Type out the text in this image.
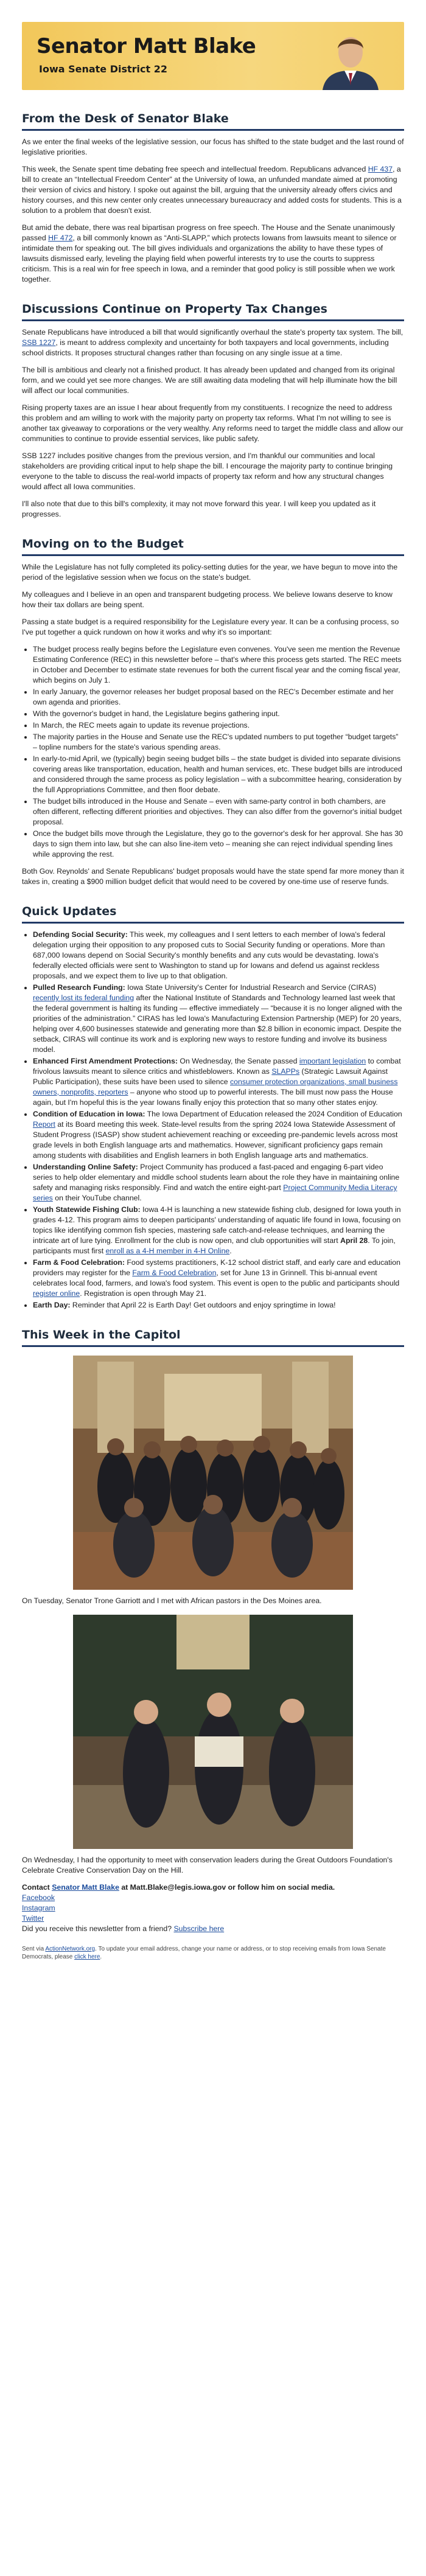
Senator Matt Blake
Iowa Senate District 22
From the Desk of Senator Blake

As we enter the final weeks of the legislative session, our focus has shifted to the state budget and the last round of legislative priorities.

This week, the Senate spent time debating free speech and intellectual freedom. Republicans advanced HF 437, a bill to create an “Intellectual Freedom Center” at the University of Iowa, an unfunded mandate aimed at promoting their version of civics and history. I spoke out against the bill, arguing that the university already offers civics and history courses, and this new center only creates unnecessary bureaucracy and added costs for students. This is a solution to a problem that doesn't exist.

But amid the debate, there was real bipartisan progress on free speech. The House and the Senate unanimously passed HF 472, a bill commonly known as “Anti-SLAPP,” which protects Iowans from lawsuits meant to silence or intimidate them for speaking out. The bill gives individuals and organizations the ability to have these types of lawsuits dismissed early, leveling the playing field when powerful interests try to use the courts to suppress criticism. This is a real win for free speech in Iowa, and a reminder that good policy is still possible when we work together.

Discussions Continue on Property Tax Changes

Senate Republicans have introduced a bill that would significantly overhaul the state's property tax system. The bill, SSB 1227, is meant to address complexity and uncertainty for both taxpayers and local governments, including school districts. It proposes structural changes rather than focusing on any single issue at a time.

The bill is ambitious and clearly not a finished product. It has already been updated and changed from its original form, and we could yet see more changes. We are still awaiting data modeling that will help illuminate how the bill will affect our local communities.

Rising property taxes are an issue I hear about frequently from my constituents. I recognize the need to address this problem and am willing to work with the majority party on property tax reforms. What I'm not willing to see is another tax giveaway to corporations or the very wealthy. Any reforms need to target the middle class and allow our communities to continue to provide essential services, like public safety.

SSB 1227 includes positive changes from the previous version, and I'm thankful our communities and local stakeholders are providing critical input to help shape the bill. I encourage the majority party to continue bringing everyone to the table to discuss the real-world impacts of property tax reform and how any structural changes would affect all Iowa communities.

I'll also note that due to this bill's complexity, it may not move forward this year. I will keep you updated as it progresses.

Moving on to the Budget

While the Legislature has not fully completed its policy-setting duties for the year, we have begun to move into the period of the legislative session when we focus on the state's budget.

My colleagues and I believe in an open and transparent budgeting process. We believe Iowans deserve to know how their tax dollars are being spent.

Passing a state budget is a required responsibility for the Legislature every year. It can be a confusing process, so I've put together a quick rundown on how it works and why it's so important:

• The budget process really begins before the Legislature even convenes. You've seen me mention the Revenue Estimating Conference (REC) in this newsletter before – that's where this process gets started. The REC meets in October and December to estimate state revenues for both the current fiscal year and the coming fiscal year, which begins on July 1.
• In early January, the governor releases her budget proposal based on the REC's December estimate and her own agenda and priorities.
• With the governor's budget in hand, the Legislature begins gathering input.
• In March, the REC meets again to update its revenue projections.
• The majority parties in the House and Senate use the REC's updated numbers to put together “budget targets” – topline numbers for the state's various spending areas.
• In early-to-mid April, we (typically) begin seeing budget bills – the state budget is divided into separate divisions covering areas like transportation, education, health and human services, etc. These budget bills are introduced and considered through the same process as policy legislation – with a subcommittee hearing, consideration by the full Appropriations Committee, and then floor debate.
• The budget bills introduced in the House and Senate – even with same-party control in both chambers, are often different, reflecting different priorities and objectives. They can also differ from the governor's initial budget proposal.
• Once the budget bills move through the Legislature, they go to the governor's desk for her approval. She has 30 days to sign them into law, but she can also line-item veto – meaning she can reject individual spending lines while approving the rest.

Both Gov. Reynolds' and Senate Republicans' budget proposals would have the state spend far more money than it takes in, creating a $900 million budget deficit that would need to be covered by one-time use of reserve funds.

Quick Updates
• Defending Social Security: This week, my colleagues and I sent letters to each member of Iowa's federal delegation urging their opposition to any proposed cuts to Social Security funding or operations. More than 687,000 Iowans depend on Social Security's monthly benefits and any cuts would be devastating. Iowa's federally elected officials were sent to Washington to stand up for Iowans and defend us against reckless proposals, and we expect them to live up to that obligation.
• Pulled Research Funding: Iowa State University's Center for Industrial Research and Service (CIRAS) recently lost its federal funding after the National Institute of Standards and Technology learned last week that the federal government is halting its funding — effective immediately — “because it is no longer aligned with the priorities of the administration.” CIRAS has led Iowa's Manufacturing Extension Partnership (MEP) for 20 years, helping over 4,600 businesses statewide and generating more than $2.8 billion in economic impact. Despite the setback, CIRAS will continue its work and is exploring new ways to restore funding and involve its business model.
• Enhanced First Amendment Protections: On Wednesday, the Senate passed important legislation to combat frivolous lawsuits meant to silence critics and whistleblowers. Known as SLAPPs (Strategic Lawsuit Against Public Participation), these suits have been used to silence consumer protection organizations, small business owners, nonprofits, reporters – anyone who stood up to powerful interests. The bill must now pass the House again, but I'm hopeful this is the year Iowans finally enjoy this protection that so many other states enjoy.
• Condition of Education in Iowa: The Iowa Department of Education released the 2024 Condition of Education Report at its Board meeting this week. State-level results from the spring 2024 Iowa Statewide Assessment of Student Progress (ISASP) show student achievement reaching or exceeding pre-pandemic levels across most grade levels in both English language arts and mathematics. However, significant proficiency gaps remain among students with disabilities and English learners in both English language arts and mathematics.
• Understanding Online Safety: Project Community has produced a fast-paced and engaging 6-part video series to help older elementary and middle school students learn about the role they have in maintaining online safety and managing risks responsibly. Find and watch the entire eight-part Project Community Media Literacy series on their YouTube channel.
• Youth Statewide Fishing Club: Iowa 4-H is launching a new statewide fishing club, designed for Iowa youth in grades 4-12. This program aims to deepen participants' understanding of aquatic life found in Iowa, focusing on topics like identifying common fish species, mastering safe catch-and-release techniques, and learning the intricate art of lure tying. Enrollment for the club is now open, and club opportunities will start April 28. To join, participants must first enroll as a 4-H member in 4-H Online.
• Farm & Food Celebration: Food systems practitioners, K-12 school district staff, and early care and education providers may register for the Farm & Food Celebration, set for June 13 in Grinnell. This bi-annual event celebrates local food, farmers, and Iowa's food system. This event is open to the public and participants should register online. Registration is open through May 21.
• Earth Day: Reminder that April 22 is Earth Day! Get outdoors and enjoy springtime in Iowa!
This Week in the Capitol

On Tuesday, Senator Trone Garriott and I met with African pastors in the Des Moines area.

On Wednesday, I had the opportunity to meet with conservation leaders during the Great Outdoors Foundation's Celebrate Creative Conservation Day on the Hill.

Contact Senator Matt Blake at Matt.Blake@legis.iowa.gov or follow him on social media.

Facebook

Instagram

Twitter

Did you receive this newsletter from a friend? Subscribe here

Sent via ActionNetwork.org. To update your email address, change your name or address, or to stop receiving emails from Iowa Senate Democrats, please click here.
